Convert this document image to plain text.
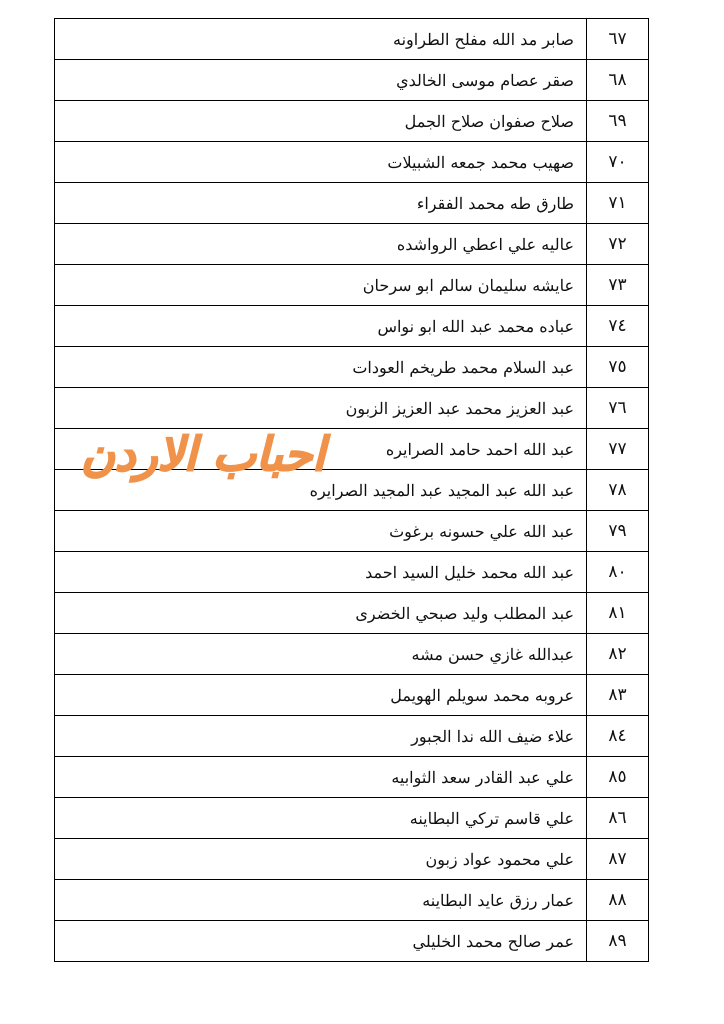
٦٧	صابر مد الله مفلح الطراونه
٦٨	صقر عصام موسى الخالدي
٦٩	صلاح صفوان صلاح الجمل
٧٠	صهيب محمد جمعه الشبيلات
٧١	طارق طه محمد الفقراء
٧٢	عاليه علي اعطي الرواشده
٧٣	عايشه سليمان سالم ابو سرحان
٧٤	عباده محمد عبد الله ابو نواس
٧٥	عبد السلام محمد طريخم العودات
٧٦	عبد العزيز محمد عبد العزيز الزبون
٧٧	عبد الله احمد حامد الصرايره
٧٨	عبد الله عبد المجيد عبد المجيد الصرايره
٧٩	عبد الله علي حسونه برغوث
٨٠	عبد الله محمد خليل السيد احمد
٨١	عبد المطلب وليد صبحي الخضرى
٨٢	عبدالله غازي حسن مشه
٨٣	عروبه محمد سويلم الهويمل
٨٤	علاء ضيف الله ندا الجبور
٨٥	علي عبد القادر سعد الثوابيه
٨٦	علي قاسم تركي البطاينه
٨٧	علي محمود عواد زبون
٨٨	عمار رزق عايد البطاينه
٨٩	عمر صالح محمد الخليلي
احباب الاردن
